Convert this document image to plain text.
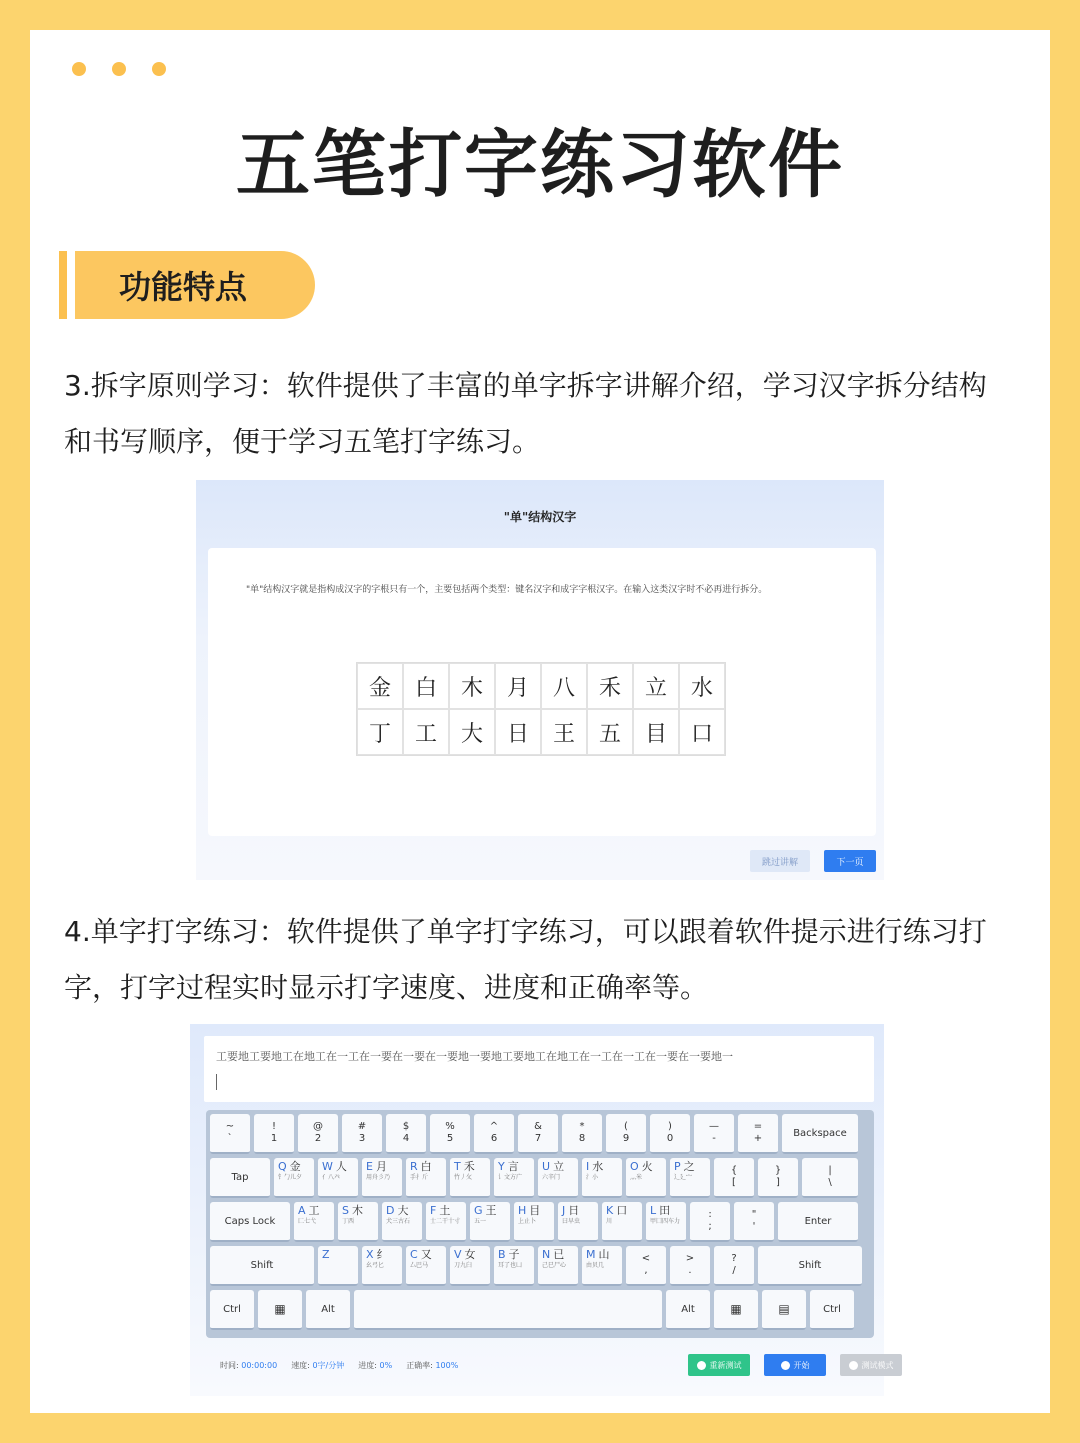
五笔打字练习软件
功能特点
3.拆字原则学习：软件提供了丰富的单字拆字讲解介绍，学习汉字拆分结构和书写顺序，便于学习五笔打字练习。
"单"结构汉字
"单"结构汉字就是指构成汉字的字根只有一个，主要包括两个类型：键名汉字和成字字根汉字。在输入这类汉字时不必再进行拆分。
金	白	木	月	八	禾	立	水
丁	工	大	日	王	五	目	口
跳过讲解	下一页
4.单字打字练习：软件提供了单字打字练习，可以跟着软件提示进行练习打字，打字过程实时显示打字速度、进度和正确率等。
工要地工要地工在地工在一工在一要在一要在一要地一要地工要地工在地工在一工在一工在一要在一要地一
~
`
!
1
@
2
#
3
$
4
%
5
^
6
&
7
*
8
(
9
)
0
—
-
=
+	Backspace
Tap
Q 金
钅勹儿夕
W 人
亻八癶
E 月
用舟彡乃
R 白
手扌斤
T 禾
竹丿攵
Y 言
讠文方广
U 立
六辛门
I 水
氵小
O 火
灬米
P 之
辶廴宀
{
[
}
]
|
\
Caps Lock
A 工
匚七弋
S 木
丁西
D 大
犬三古石
F 土
士二干十寸
G 王
五一
H 目
上止卜
J 日
曰早虫
K 口
川
L 田
甲囗四车力
:
;
"
'	Enter
Shift
Z	X 纟
幺弓匕
C 又
厶巴马
V 女
刀九臼
B 子
耳了也凵
N 已
己巳尸心
M 山
由贝几
<
,
>
.
?
/	Shift
Ctrl	▦	Alt	Alt	▦	▤	Ctrl
时间: 00:00:00 速度: 0字/分钟 进度: 0% 正确率: 100%	重新测试	开始	测试模式
